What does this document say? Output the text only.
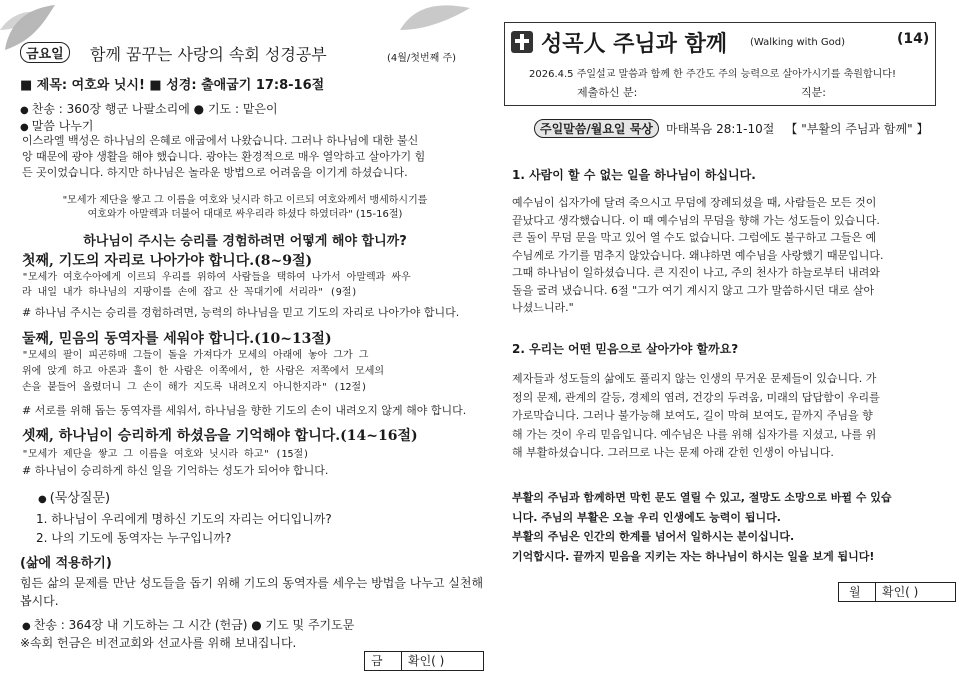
금요일	함께 꿈꾸는 사랑의 속회 성경공부	(4월/첫번째 주)
■ 제목: 여호와 닛시! ■ 성경: 출애굽기 17:8-16절
● 찬송 : 360장 행군 나팔소리에 ● 기도 : 맡은이
● 말씀 나누기

이스라엘 백성은 하나님의 은혜로 애굽에서 나왔습니다. 그러나 하나님에 대한 불신

앙 때문에 광야 생활을 해야 했습니다. 광야는 환경적으로 매우 열악하고 살아가기 힘

든 곳이었습니다. 하지만 하나님은 놀라운 방법으로 어려움을 이기게 하셨습니다.

"모세가 제단을 쌓고 그 이름을 여호와 닛시라 하고 이르되 여호와께서 맹세하시기를

여호와가 아말렉과 더불어 대대로 싸우리라 하셨다 하였더라" (15-16절)

하나님이 주시는 승리를 경험하려면 어떻게 해야 합니까?
첫째, 기도의 자리로 나아가야 합니다.(8~9절)

"모세가 여호수아에게 이르되 우리를 위하여 사람들을 택하여 나가서 아말렉과 싸우

라 내일 내가 하나님의 지팡이를 손에 잡고 산 꼭대기에 서리라" (9절)

# 하나님 주시는 승리를 경험하려면, 능력의 하나님을 믿고 기도의 자리로 나아가야 합니다.
둘째, 믿음의 동역자를 세워야 합니다.(10~13절)

"모세의 팔이 피곤하매 그들이 돌을 가져다가 모세의 아래에 놓아 그가 그

위에 앉게 하고 아론과 훌이 한 사람은 이쪽에서, 한 사람은 저쪽에서 모세의

손을 붙들어 올렸더니 그 손이 해가 지도록 내려오지 아니한지라" (12절)

# 서로를 위해 돕는 동역자를 세워서, 하나님을 향한 기도의 손이 내려오지 않게 해야 합니다.
셋째, 하나님이 승리하게 하셨음을 기억해야 합니다.(14~16절)
"모세가 제단을 쌓고 그 이름을 여호와 닛시라 하고" (15절)
# 하나님이 승리하게 하신 일을 기억하는 성도가 되어야 합니다.
● (묵상질문)

1. 하나님이 우리에게 명하신 기도의 자리는 어디입니까?

2. 나의 기도에 동역자는 누구입니까?

(삶에 적용하기)

힘든 삶의 문제를 만난 성도들을 돕기 위해 기도의 동역자를 세우는 방법을 나누고 실천해

봅시다.

● 찬송 : 364장 내 기도하는 그 시간 (헌금) ● 기도 및 주기도문
※속회 헌금은 비전교회와 선교사를 위해 보내집니다.
금	확인( )
성곡人 주님과 함께 (Walking with God)	(14)
2026.4.5 주일설교 말씀과 함께 한 주간도 주의 능력으로 살아가시기를 축원합니다!
제출하신 분:	직분:
주일말씀/월요일 묵상 마태복음 28:1-10절 【 "부활의 주님과 함께" 】
1. 사람이 할 수 없는 일을 하나님이 하십니다.

예수님이 십자가에 달려 죽으시고 무덤에 장례되셨을 때, 사람들은 모든 것이

끝났다고 생각했습니다. 이 때 예수님의 무덤을 향해 가는 성도들이 있습니다.

큰 돌이 무덤 문을 막고 있어 열 수도 없습니다. 그럼에도 불구하고 그들은 예

수님께로 가기를 멈추지 않았습니다. 왜냐하면 예수님을 사랑했기 때문입니다.

그때 하나님이 일하셨습니다. 큰 지진이 나고, 주의 천사가 하늘로부터 내려와

돌을 굴려 냈습니다. 6절 "그가 여기 계시지 않고 그가 말씀하시던 대로 살아

나셨느니라."

2. 우리는 어떤 믿음으로 살아가야 할까요?

제자들과 성도들의 삶에도 풀리지 않는 인생의 무거운 문제들이 있습니다. 가

정의 문제, 관계의 갈등, 경제의 염려, 건강의 두려움, 미래의 답답함이 우리를

가로막습니다. 그러나 불가능해 보여도, 길이 막혀 보여도, 끝까지 주님을 향

해 가는 것이 우리 믿음입니다. 예수님은 나를 위해 십자가를 지셨고, 나를 위

해 부활하셨습니다. 그러므로 나는 문제 아래 갇힌 인생이 아닙니다.

부활의 주님과 함께하면 막힌 문도 열릴 수 있고, 절망도 소망으로 바뀔 수 있습

니다. 주님의 부활은 오늘 우리 인생에도 능력이 됩니다.

부활의 주님은 인간의 한계를 넘어서 일하시는 분이십니다.

기억합시다. 끝까지 믿음을 지키는 자는 하나님이 하시는 일을 보게 됩니다!

월	확인( )
